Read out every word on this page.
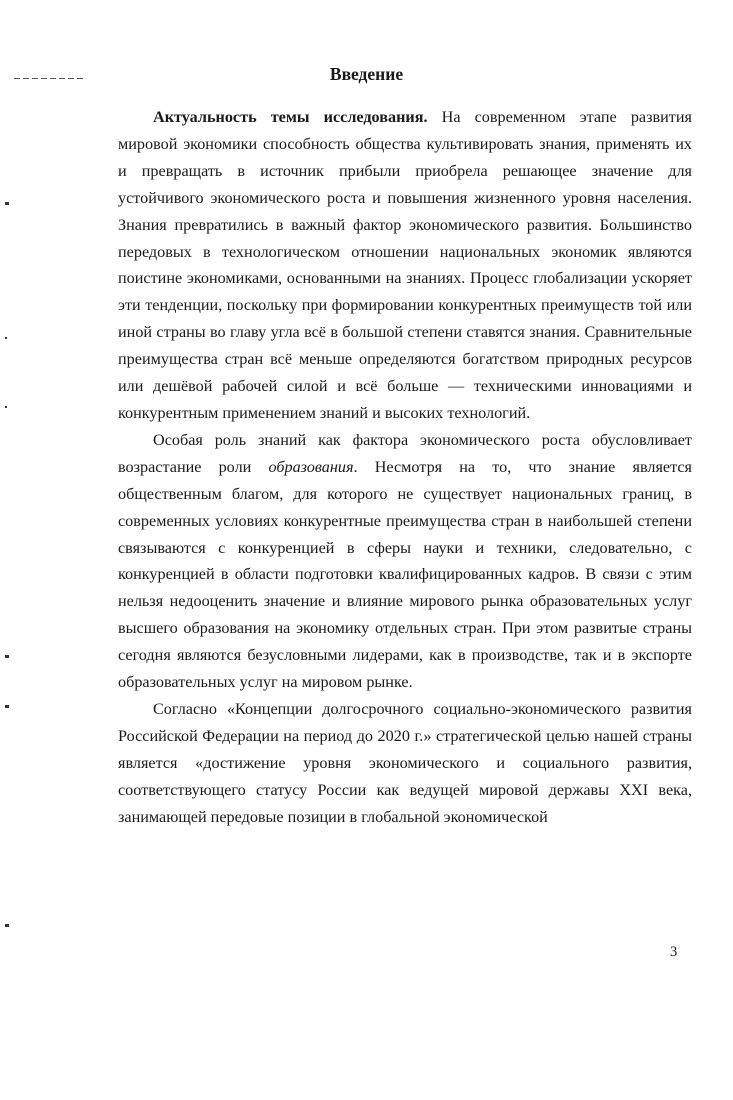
Введение

Актуальность темы исследования. На современном этапе развития мировой экономики способность общества культивировать знания, применять их и превращать в источник прибыли приобрела решающее значение для устойчивого экономического роста и повышения жизненного уровня населения. Знания превратились в важный фактор экономического развития. Большинство передовых в технологическом отношении национальных экономик являются поистине экономиками, основанными на знаниях. Процесс глобализации ускоряет эти тенденции, поскольку при формировании конкурентных преимуществ той или иной страны во главу угла всё в большой степени ставятся знания. Сравнительные преимущества стран всё меньше определяются богатством природных ресурсов или дешёвой рабочей силой и всё больше — техническими инновациями и конкурентным применением знаний и высоких технологий.

Особая роль знаний как фактора экономического роста обусловливает возрастание роли образования. Несмотря на то, что знание является общественным благом, для которого не существует национальных границ, в современных условиях конкурентные преимущества стран в наибольшей степени связываются с конкуренцией в сферы науки и техники, следовательно, с конкуренцией в области подготовки квалифицированных кадров. В связи с этим нельзя недооценить значение и влияние мирового рынка образовательных услуг высшего образования на экономику отдельных стран. При этом развитые страны сегодня являются безусловными лидерами, как в производстве, так и в экспорте образовательных услуг на мировом рынке.

Согласно «Концепции долгосрочного социально-экономического развития Российской Федерации на период до 2020 г.» стратегической целью нашей страны является «достижение уровня экономического и социального развития, соответствующего статусу России как ведущей мировой державы XXI века, занимающей передовые позиции в глобальной экономической

3
